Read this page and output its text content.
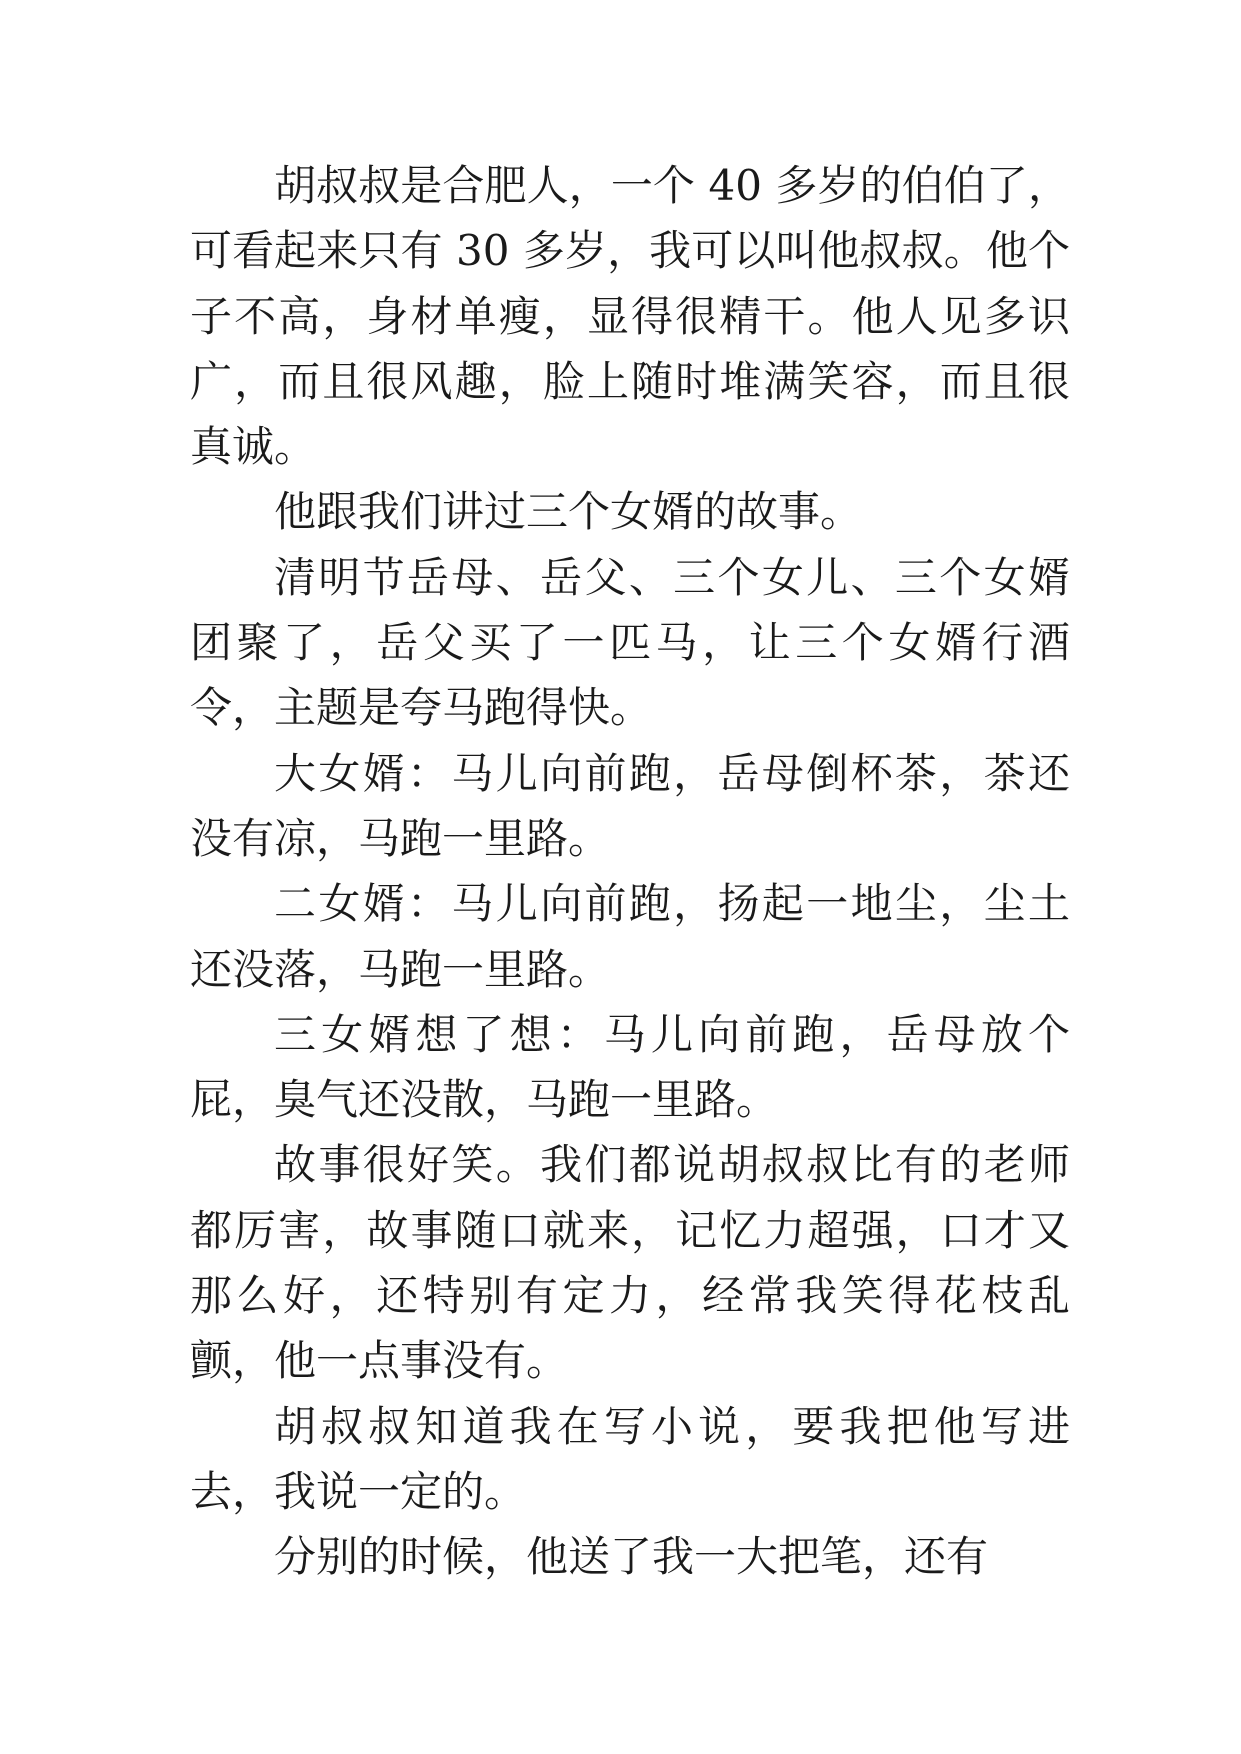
胡叔叔是合肥人，一个 40 多岁的伯伯了，可看起来只有 30 多岁，我可以叫他叔叔。他个子不高，身材单瘦，显得很精干。他人见多识广，而且很风趣，脸上随时堆满笑容，而且很真诚。

他跟我们讲过三个女婿的故事。

清明节岳母、岳父、三个女儿、三个女婿团聚了，岳父买了一匹马，让三个女婿行酒令，主题是夸马跑得快。

大女婿：马儿向前跑，岳母倒杯茶，茶还没有凉，马跑一里路。

二女婿：马儿向前跑，扬起一地尘，尘土还没落，马跑一里路。

三女婿想了想：马儿向前跑，岳母放个屁，臭气还没散，马跑一里路。

故事很好笑。我们都说胡叔叔比有的老师都厉害，故事随口就来，记忆力超强，口才又那么好，还特别有定力，经常我笑得花枝乱颤，他一点事没有。

胡叔叔知道我在写小说，要我把他写进去，我说一定的。

分别的时候，他送了我一大把笔，还有
